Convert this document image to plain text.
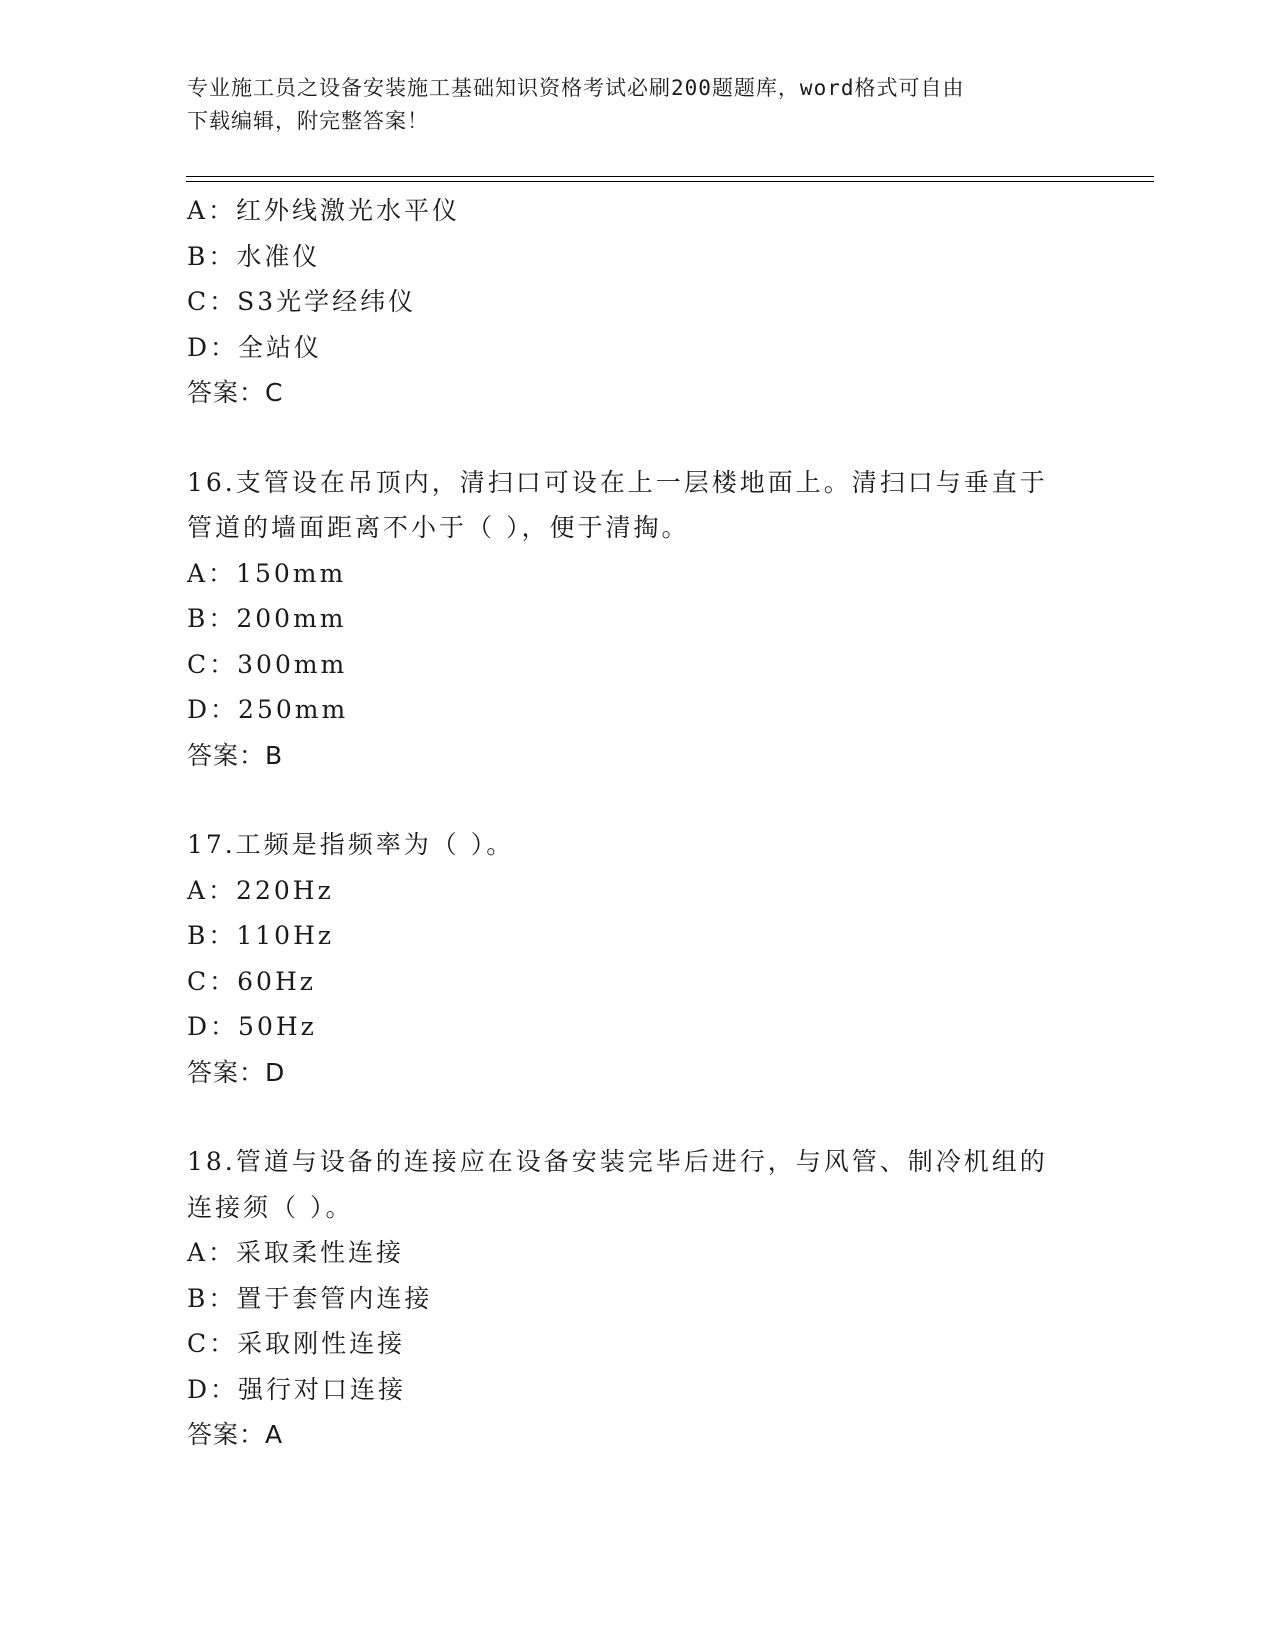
专业施工员之设备安装施工基础知识资格考试必刷200题题库，word格式可自由
下载编辑，附完整答案！
A：红外线激光水平仪
B：水准仪
C：S3光学经纬仪
D：全站仪
答案：C
16.支管设在吊顶内，清扫口可设在上一层楼地面上。清扫口与垂直于
管道的墙面距离不小于（ ），便于清掏。
A：150mm
B：200mm
C：300mm
D：250mm
答案：B
17.工频是指频率为（ ）。
A：220Hz
B：110Hz
C：60Hz
D：50Hz
答案：D
18.管道与设备的连接应在设备安装完毕后进行，与风管、制冷机组的
连接须（ ）。
A：采取柔性连接
B：置于套管内连接
C：采取刚性连接
D：强行对口连接
答案：A
